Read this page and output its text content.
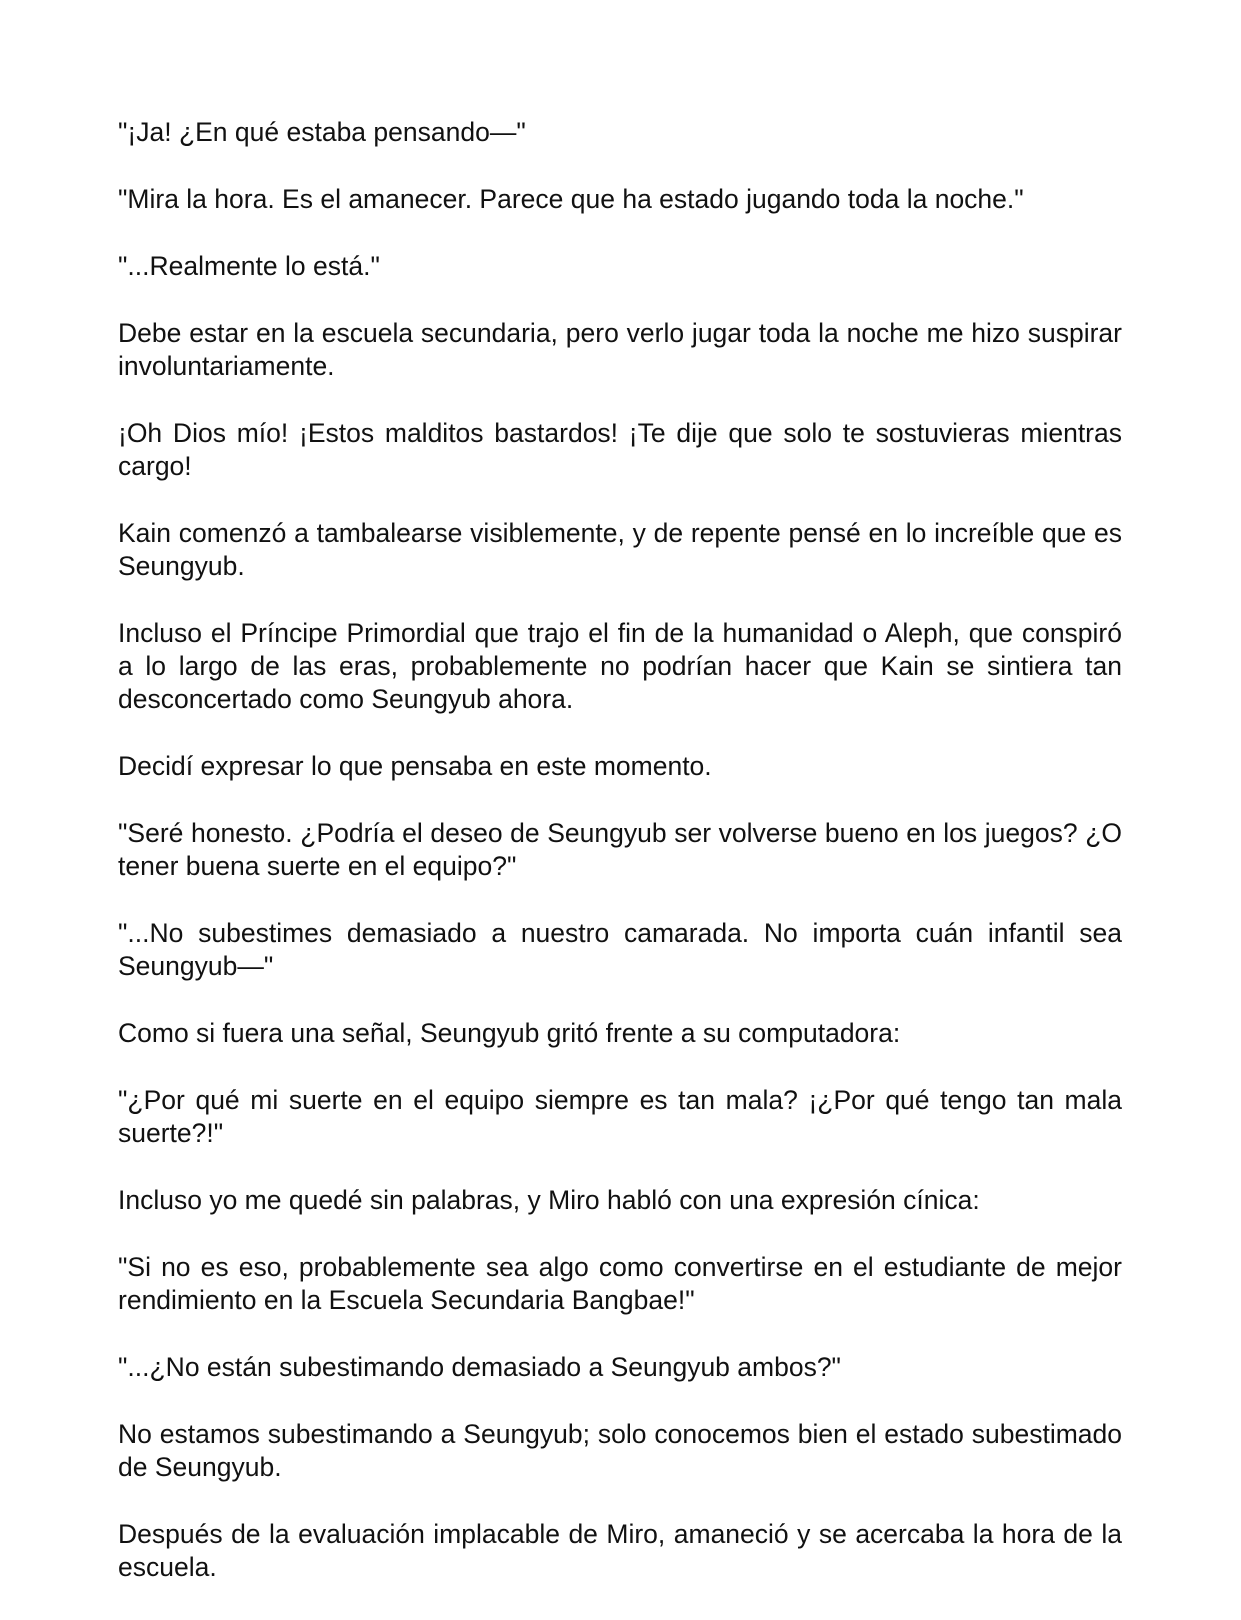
"¡Ja! ¿En qué estaba pensando—"

"Mira la hora. Es el amanecer. Parece que ha estado jugando toda la noche."

"...Realmente lo está."

Debe estar en la escuela secundaria, pero verlo jugar toda la noche me hizo suspirar involuntariamente.

¡Oh Dios mío! ¡Estos malditos bastardos! ¡Te dije que solo te sostuvieras mientras cargo!

Kain comenzó a tambalearse visiblemente, y de repente pensé en lo increíble que es Seungyub.

Incluso el Príncipe Primordial que trajo el fin de la humanidad o Aleph, que conspiró a lo largo de las eras, probablemente no podrían hacer que Kain se sintiera tan desconcertado como Seungyub ahora.

Decidí expresar lo que pensaba en este momento.

"Seré honesto. ¿Podría el deseo de Seungyub ser volverse bueno en los juegos? ¿O tener buena suerte en el equipo?"

"...No subestimes demasiado a nuestro camarada. No importa cuán infantil sea Seungyub—"

Como si fuera una señal, Seungyub gritó frente a su computadora:

"¿Por qué mi suerte en el equipo siempre es tan mala? ¡¿Por qué tengo tan mala suerte?!"

Incluso yo me quedé sin palabras, y Miro habló con una expresión cínica:

"Si no es eso, probablemente sea algo como convertirse en el estudiante de mejor rendimiento en la Escuela Secundaria Bangbae!"

"...¿No están subestimando demasiado a Seungyub ambos?"

No estamos subestimando a Seungyub; solo conocemos bien el estado subestimado de Seungyub.

Después de la evaluación implacable de Miro, amaneció y se acercaba la hora de la escuela.
